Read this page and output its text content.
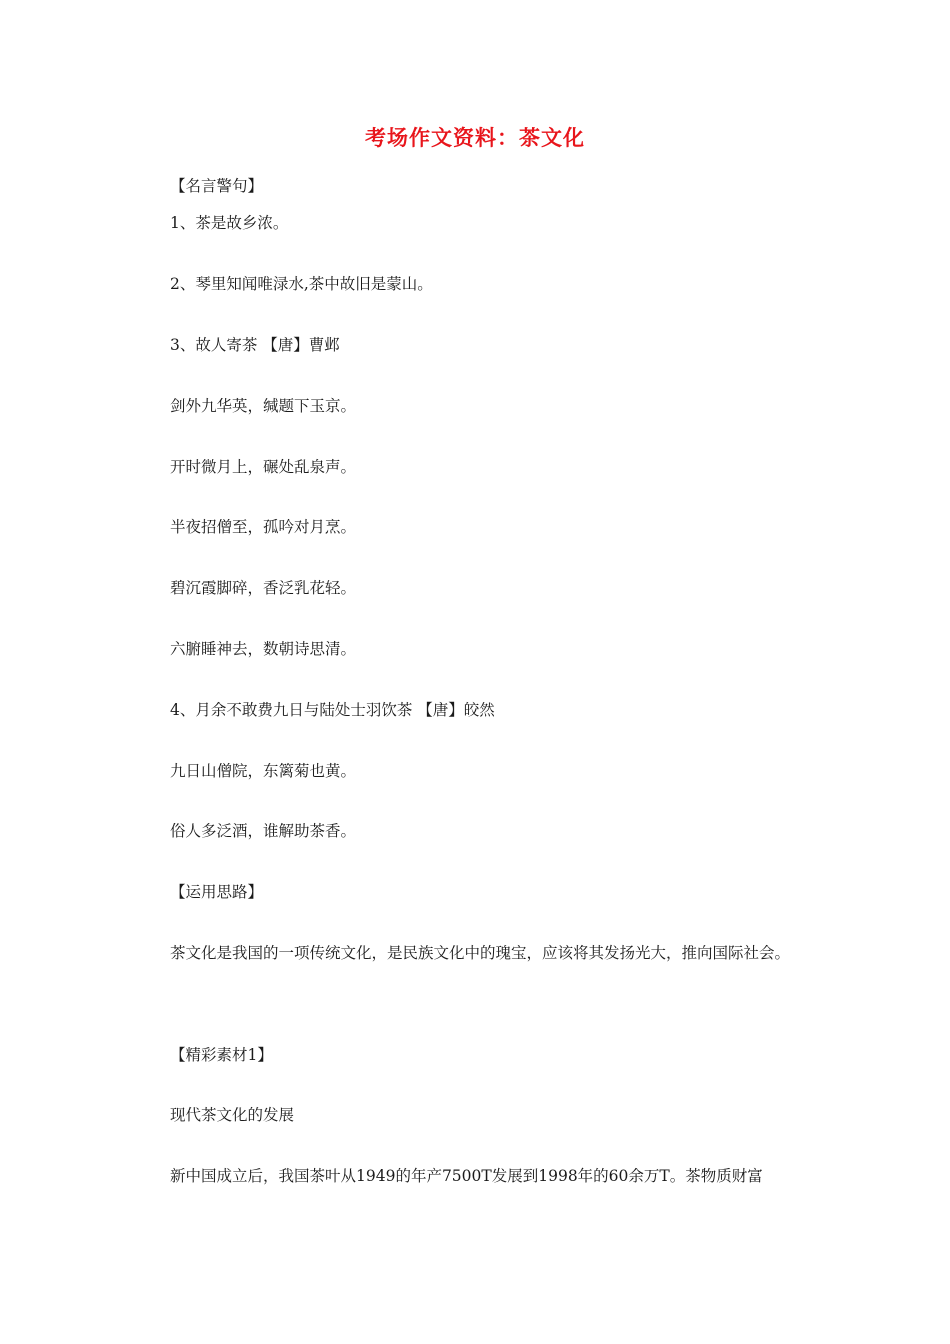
考场作文资料：茶文化
【名言警句】
1、茶是故乡浓。
2、琴里知闻唯渌水,茶中故旧是蒙山。
3、故人寄茶 【唐】曹邺
剑外九华英，缄题下玉京。
开时微月上，碾处乱泉声。
半夜招僧至，孤吟对月烹。
碧沉霞脚碎，香泛乳花轻。
六腑睡神去，数朝诗思清。
4、月余不敢费九日与陆处士羽饮茶 【唐】皎然
九日山僧院，东篱菊也黄。
俗人多泛酒，谁解助茶香。
【运用思路】
茶文化是我国的一项传统文化，是民族文化中的瑰宝，应该将其发扬光大，推向国际社会。
【精彩素材1】
现代茶文化的发展
新中国成立后，我国茶叶从1949的年产7500T发展到1998年的60余万T。茶物质财富
